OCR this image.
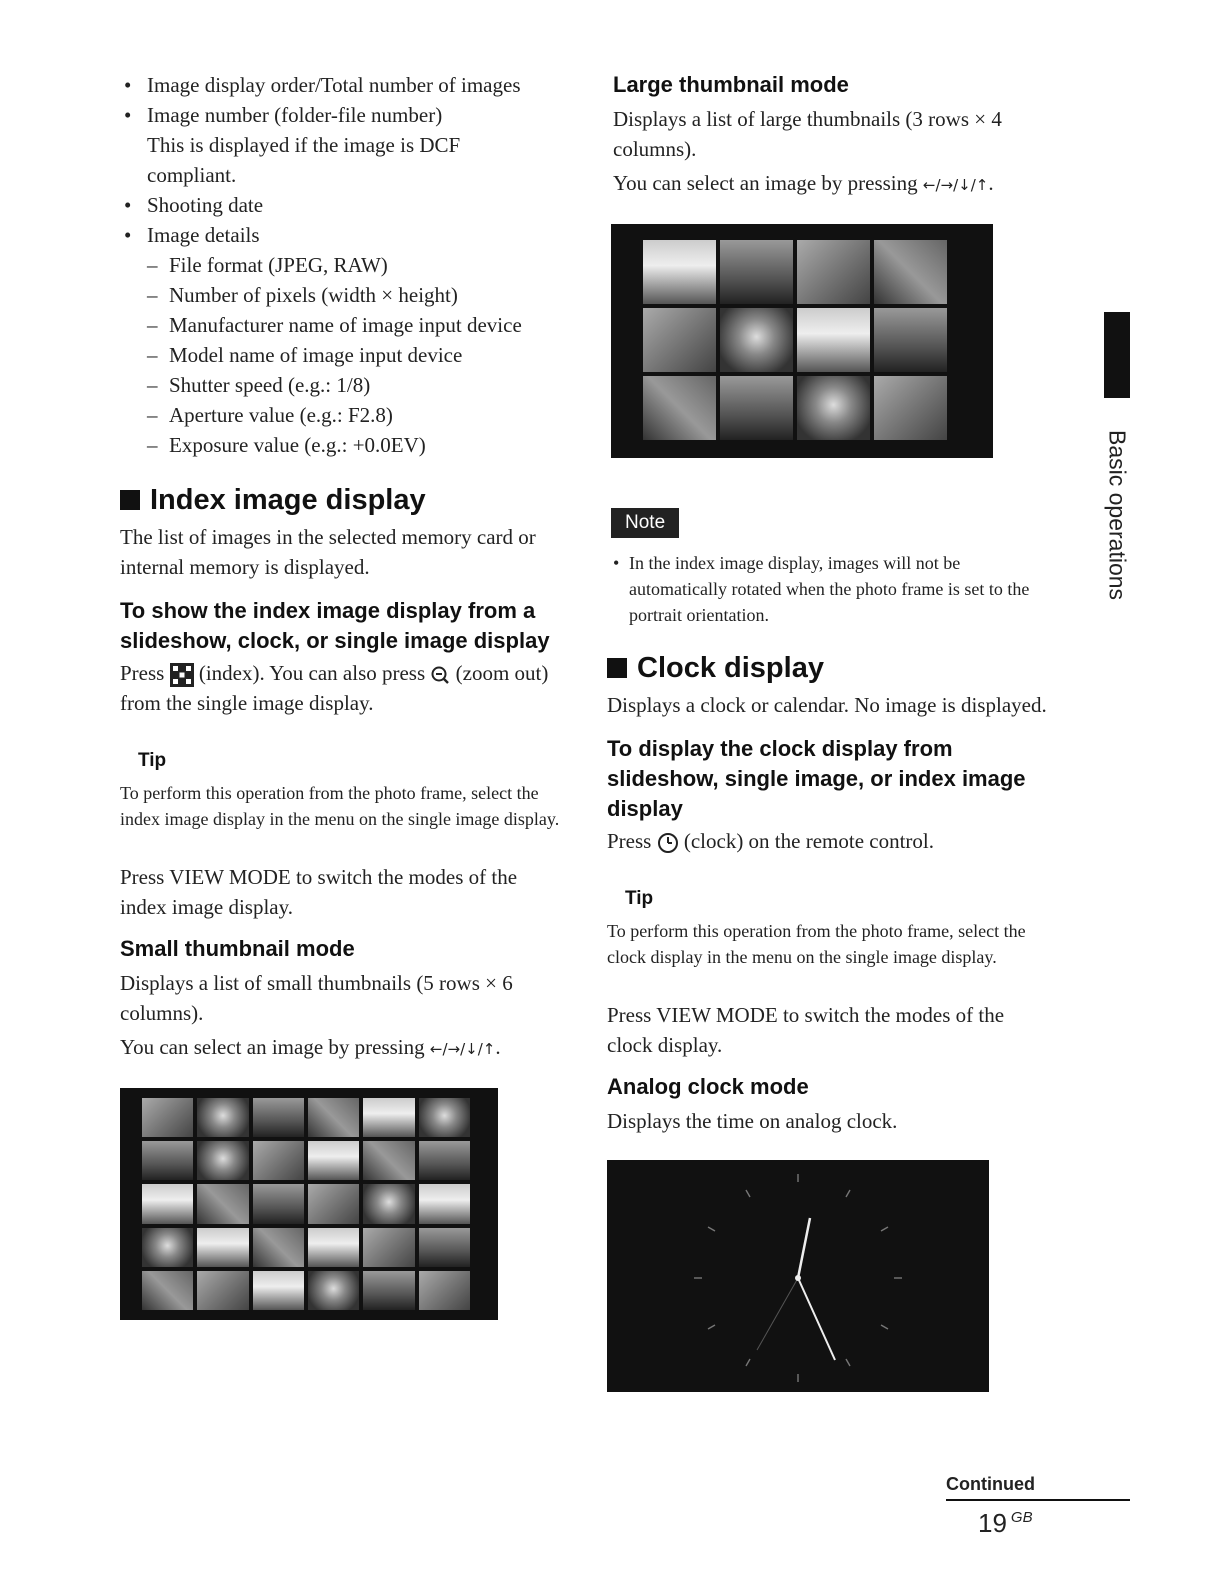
• Image display order/Total number of images
• Image number (folder-file number)
This is displayed if the image is DCF
compliant.
• Shooting date
• Image details
– File format (JPEG, RAW)
– Number of pixels (width × height)
– Manufacturer name of image input device
– Model name of image input device
– Shutter speed (e.g.: 1/8)
– Aperture value (e.g.: F2.8)
– Exposure value (e.g.: +0.0EV)
Index image display

The list of images in the selected memory card or internal memory is displayed.

To show the index image display from a slideshow, clock, or single image display

Press (index). You can also press (zoom out) from the single image display.

Tip

To perform this operation from the photo frame, select the index image display in the menu on the single image display.

Press VIEW MODE to switch the modes of the index image display.

Small thumbnail mode

Displays a list of small thumbnails (5 rows × 6 columns).

You can select an image by pressing ←/→/↓/↑.

Large thumbnail mode

Displays a list of large thumbnails (3 rows × 4 columns).

You can select an image by pressing ←/→/↓/↑.

Note
• In the index image display, images will not be automatically rotated when the photo frame is set to the portrait orientation.
Clock display

Displays a clock or calendar. No image is displayed.

To display the clock display from slideshow, single image, or index image display

Press (clock) on the remote control.

Tip

To perform this operation from the photo frame, select the clock display in the menu on the single image display.

Press VIEW MODE to switch the modes of the clock display.

Analog clock mode

Displays the time on analog clock.

Basic operations
Continued
19 $^{GB}$
